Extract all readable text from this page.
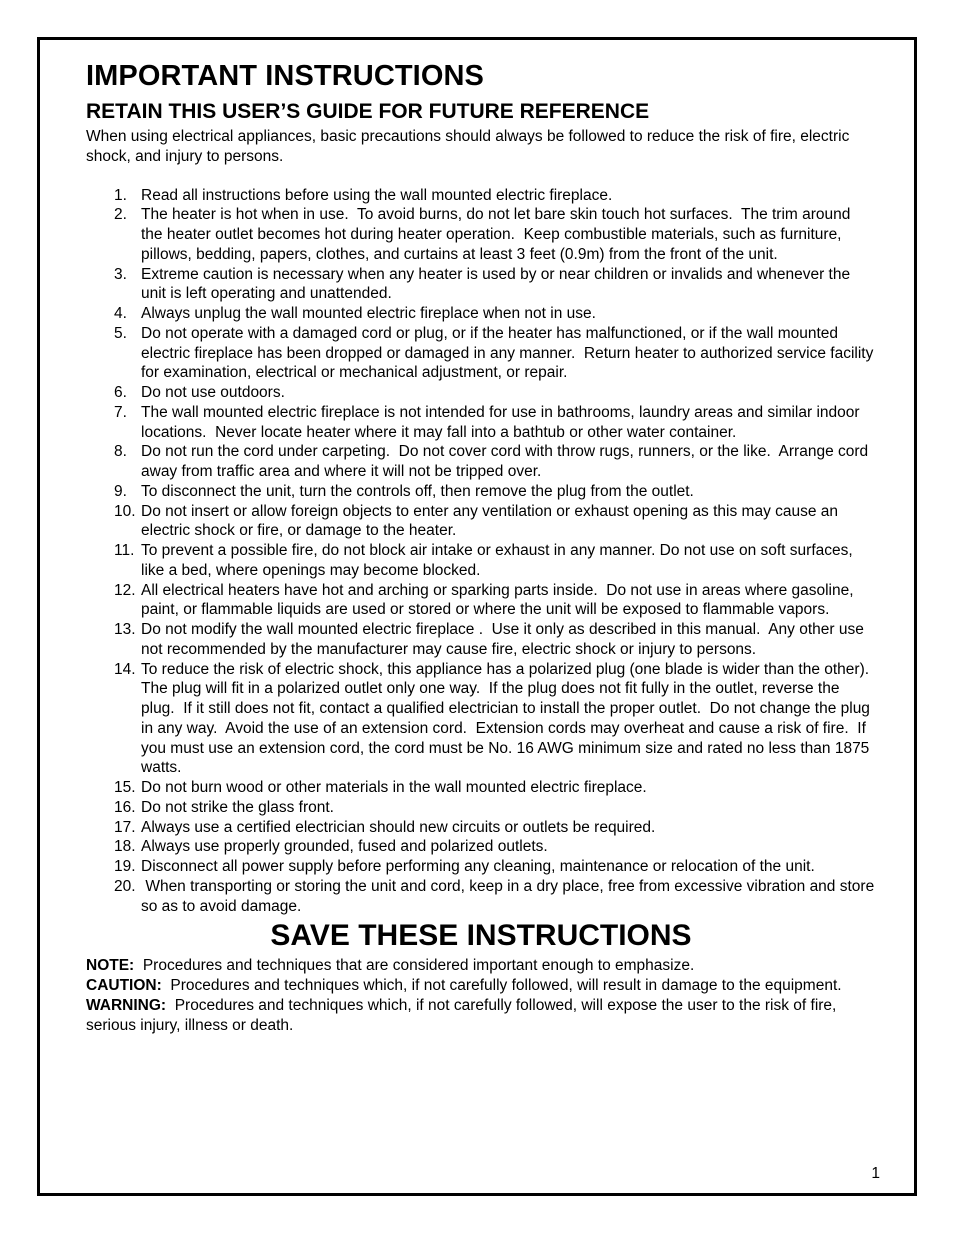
IMPORTANT INSTRUCTIONS
RETAIN THIS USER’S GUIDE FOR FUTURE REFERENCE

When using electrical appliances, basic precautions should always be followed to reduce the risk of fire, electric shock, and injury to persons.

1. Read all instructions before using the wall mounted electric fireplace.
2. The heater is hot when in use.  To avoid burns, do not let bare skin touch hot surfaces.  The trim around the heater outlet becomes hot during heater operation.  Keep combustible materials, such as furniture, pillows, bedding, papers, clothes, and curtains at least 3 feet (0.9m) from the front of the unit.
3. Extreme caution is necessary when any heater is used by or near children or invalids and whenever the unit is left operating and unattended.
4. Always unplug the wall mounted electric fireplace when not in use.
5. Do not operate with a damaged cord or plug, or if the heater has malfunctioned, or if the wall mounted electric fireplace has been dropped or damaged in any manner.  Return heater to authorized service facility for examination, electrical or mechanical adjustment, or repair.
6. Do not use outdoors.
7. The wall mounted electric fireplace is not intended for use in bathrooms, laundry areas and similar indoor locations.  Never locate heater where it may fall into a bathtub or other water container.
8. Do not run the cord under carpeting.  Do not cover cord with throw rugs, runners, or the like.  Arrange cord away from traffic area and where it will not be tripped over.
9. To disconnect the unit, turn the controls off, then remove the plug from the outlet.
10. Do not insert or allow foreign objects to enter any ventilation or exhaust opening as this may cause an electric shock or fire, or damage to the heater.
11. To prevent a possible fire, do not block air intake or exhaust in any manner. Do not use on soft surfaces, like a bed, where openings may become blocked.
12. All electrical heaters have hot and arching or sparking parts inside.  Do not use in areas where gasoline, paint, or flammable liquids are used or stored or where the unit will be exposed to flammable vapors.
13. Do not modify the wall mounted electric fireplace .  Use it only as described in this manual.  Any other use not recommended by the manufacturer may cause fire, electric shock or injury to persons.
14. To reduce the risk of electric shock, this appliance has a polarized plug (one blade is wider than the other).  The plug will fit in a polarized outlet only one way.  If the plug does not fit fully in the outlet, reverse the plug.  If it still does not fit, contact a qualified electrician to install the proper outlet.  Do not change the plug in any way.  Avoid the use of an extension cord.  Extension cords may overheat and cause a risk of fire.  If you must use an extension cord, the cord must be No. 16 AWG minimum size and rated no less than 1875 watts.
15. Do not burn wood or other materials in the wall mounted electric fireplace.
16. Do not strike the glass front.
17. Always use a certified electrician should new circuits or outlets be required.
18. Always use properly grounded, fused and polarized outlets.
19. Disconnect all power supply before performing any cleaning, maintenance or relocation of the unit.
20. When transporting or storing the unit and cord, keep in a dry place, free from excessive vibration and store so as to avoid damage.
SAVE THESE INSTRUCTIONS

NOTE:  Procedures and techniques that are considered important enough to emphasize.

CAUTION:  Procedures and techniques which, if not carefully followed, will result in damage to the equipment.

WARNING:  Procedures and techniques which, if not carefully followed, will expose the user to the risk of fire, serious injury, illness or death.

1
